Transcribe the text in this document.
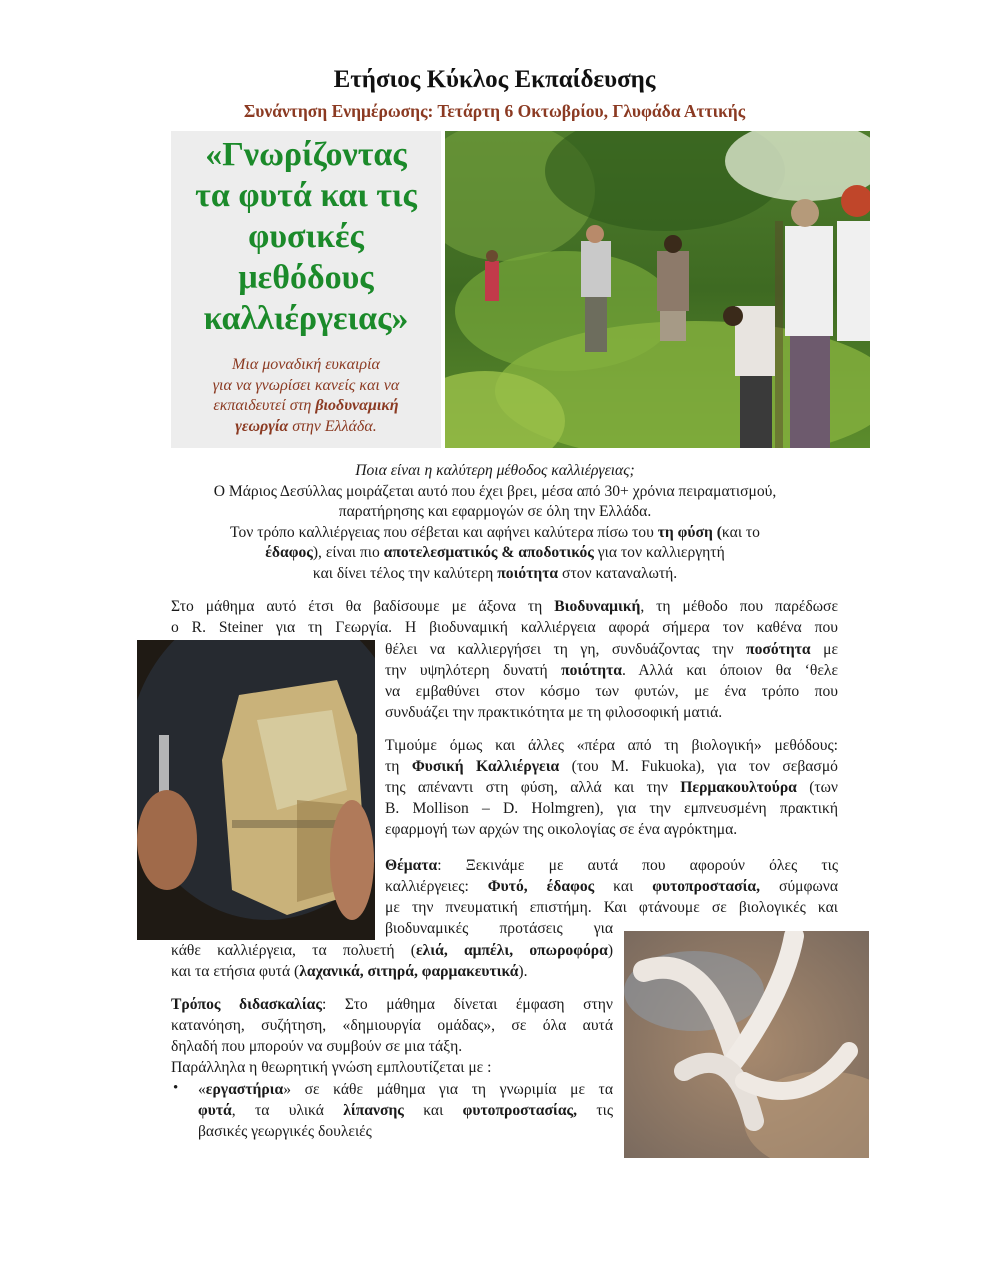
Ετήσιος Κύκλος Εκπαίδευσης
Συνάντηση Ενημέρωσης: Τετάρτη 6 Οκτωβρίου, Γλυφάδα Αττικής
«Γνωρίζοντας
τα φυτά και τις
φυσικές
μεθόδους
καλλιέργειας»
Μια μοναδική ευκαιρία
για να γνωρίσει κανείς και να
εκπαιδευτεί στη βιοδυναμική
γεωργία στην Ελλάδα.
Ποια είναι η καλύτερη μέθοδος καλλιέργειας;
Ο Μάριος Δεσύλλας μοιράζεται αυτό που έχει βρει, μέσα από 30+ χρόνια πειραματισμού,
παρατήρησης και εφαρμογών σε όλη την Ελλάδα.
Τον τρόπο καλλιέργειας που σέβεται και αφήνει καλύτερα πίσω του τη φύση (και το
έδαφος), είναι πιο αποτελεσματικός & αποδοτικός για τον καλλιεργητή
και δίνει τέλος την καλύτερη ποιότητα στον καταναλωτή.
Στο μάθημα αυτό έτσι θα βαδίσουμε με άξονα τη Βιοδυναμική, τη μέθοδο που παρέδωσε
ο R. Steiner για τη Γεωργία. Η βιοδυναμική καλλιέργεια αφορά σήμερα τον καθένα που
θέλει να καλλιεργήσει τη γη, συνδυάζοντας την ποσότητα με
την υψηλότερη δυνατή ποιότητα. Αλλά και όποιον θα ‘θελε
να εμβαθύνει στον κόσμο των φυτών, με ένα τρόπο που
συνδυάζει την πρακτικότητα με τη φιλοσοφική ματιά.
Τιμούμε όμως και άλλες «πέρα από τη βιολογική» μεθόδους:
τη Φυσική Καλλιέργεια (του M. Fukuoka), για τον σεβασμό
της απέναντι στη φύση, αλλά και την Περμακουλτούρα (των
B. Mollison – D. Holmgren), για την εμπνευσμένη πρακτική
εφαρμογή των αρχών της οικολογίας σε ένα αγρόκτημα.
Θέματα: Ξεκινάμε με αυτά που αφορούν όλες τις
καλλιέργειες: Φυτό, έδαφος και φυτοπροστασία, σύμφωνα
με την πνευματική επιστήμη. Και φτάνουμε σε βιολογικές και
βιοδυναμικές προτάσεις για
κάθε καλλιέργεια, τα πολυετή (ελιά, αμπέλι, οπωροφόρα)
και τα ετήσια φυτά (λαχανικά, σιτηρά, φαρμακευτικά).
Τρόπος διδασκαλίας: Στο μάθημα δίνεται έμφαση στην
κατανόηση, συζήτηση, «δημιουργία ομάδας», σε όλα αυτά
δηλαδή που μπορούν να συμβούν σε μια τάξη.
Παράλληλα η θεωρητική γνώση εμπλουτίζεται με :
• «εργαστήρια» σε κάθε μάθημα για τη γνωριμία με τα
φυτά, τα υλικά λίπανσης και φυτοπροστασίας, τις
βασικές γεωργικές δουλειές
